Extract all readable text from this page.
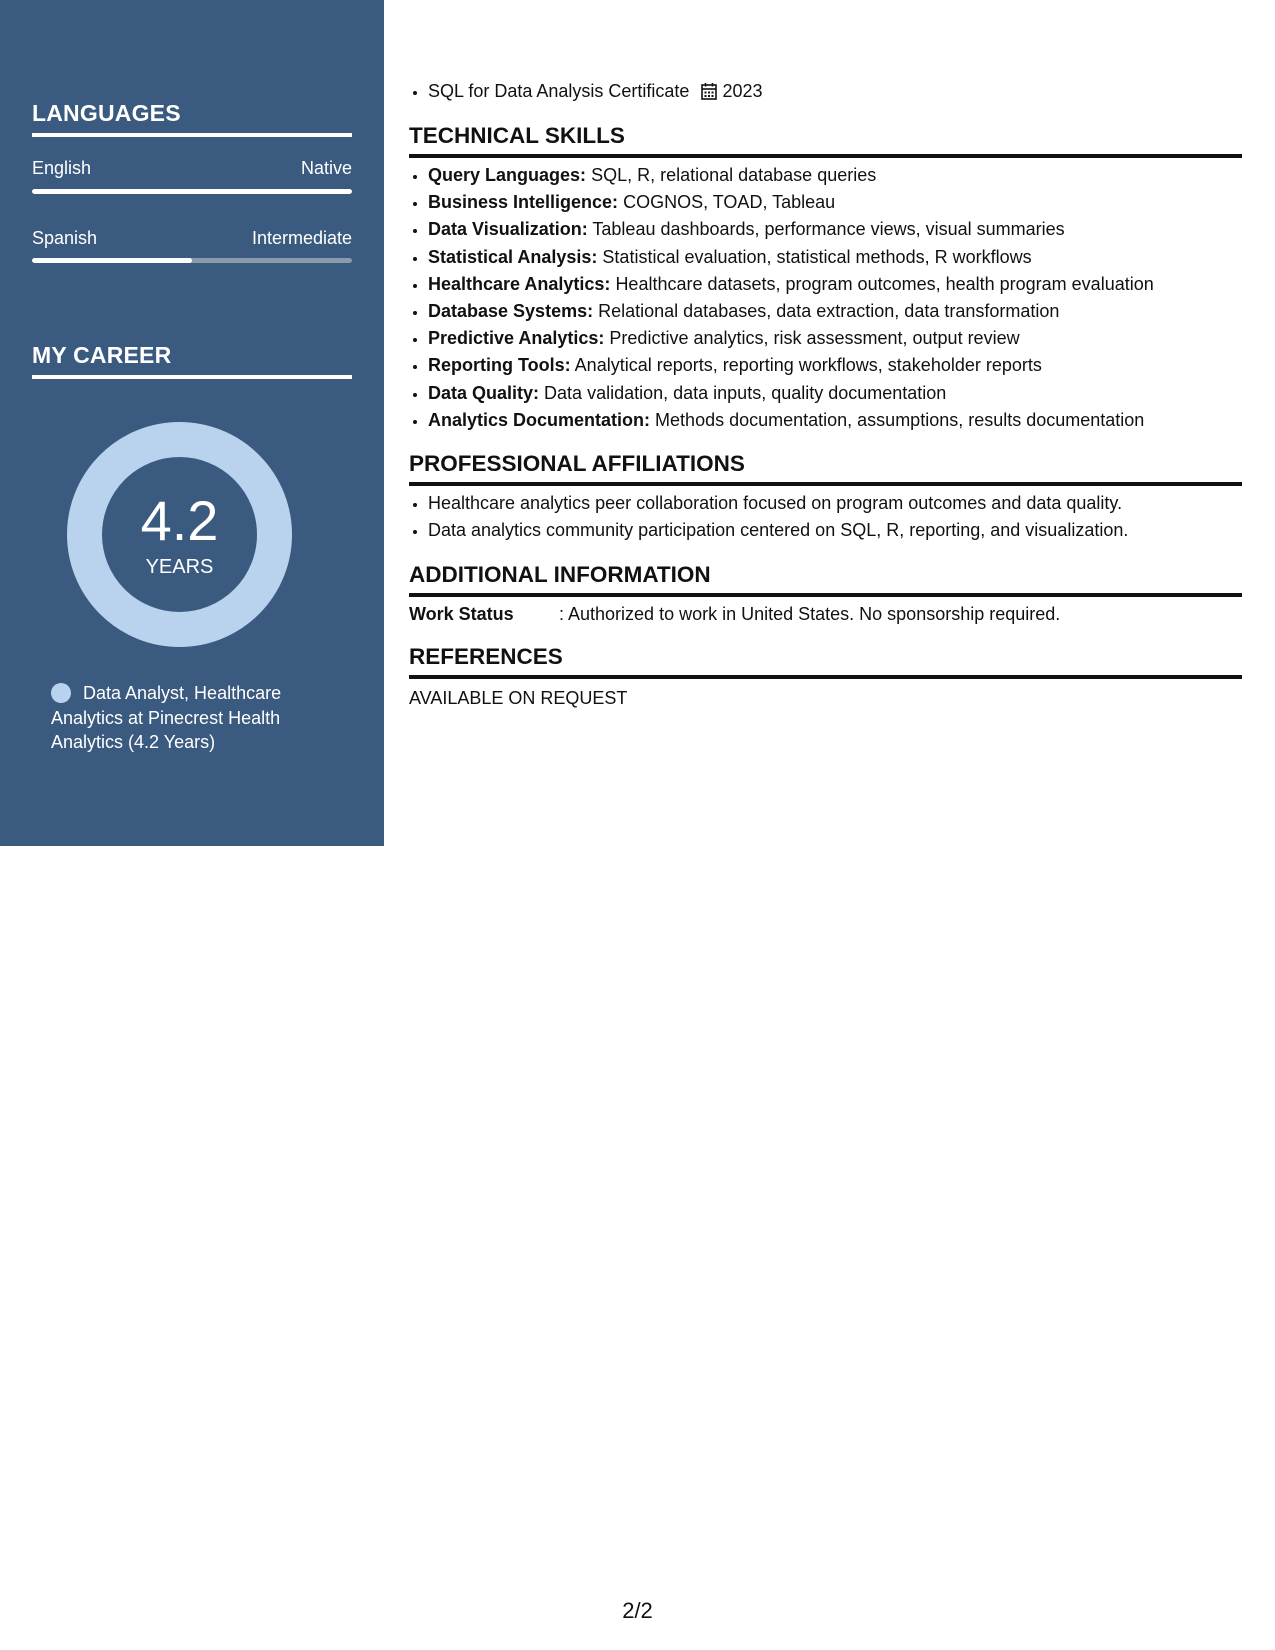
LANGUAGES
English	Native
Spanish	Intermediate
MY CAREER
4.2
YEARS
Data Analyst, Healthcare Analytics at Pinecrest Health Analytics (4.2 Years)
• SQL for Data Analysis Certificate 2023
TECHNICAL SKILLS
• Query Languages: SQL, R, relational database queries
• Business Intelligence: COGNOS, TOAD, Tableau
• Data Visualization: Tableau dashboards, performance views, visual summaries
• Statistical Analysis: Statistical evaluation, statistical methods, R workflows
• Healthcare Analytics: Healthcare datasets, program outcomes, health program evaluation
• Database Systems: Relational databases, data extraction, data transformation
• Predictive Analytics: Predictive analytics, risk assessment, output review
• Reporting Tools: Analytical reports, reporting workflows, stakeholder reports
• Data Quality: Data validation, data inputs, quality documentation
• Analytics Documentation: Methods documentation, assumptions, results documentation
PROFESSIONAL AFFILIATIONS
• Healthcare analytics peer collaboration focused on program outcomes and data quality.
• Data analytics community participation centered on SQL, R, reporting, and visualization.
ADDITIONAL INFORMATION
Work Status	: Authorized to work in United States. No sponsorship required.
REFERENCES
AVAILABLE ON REQUEST
2/2
